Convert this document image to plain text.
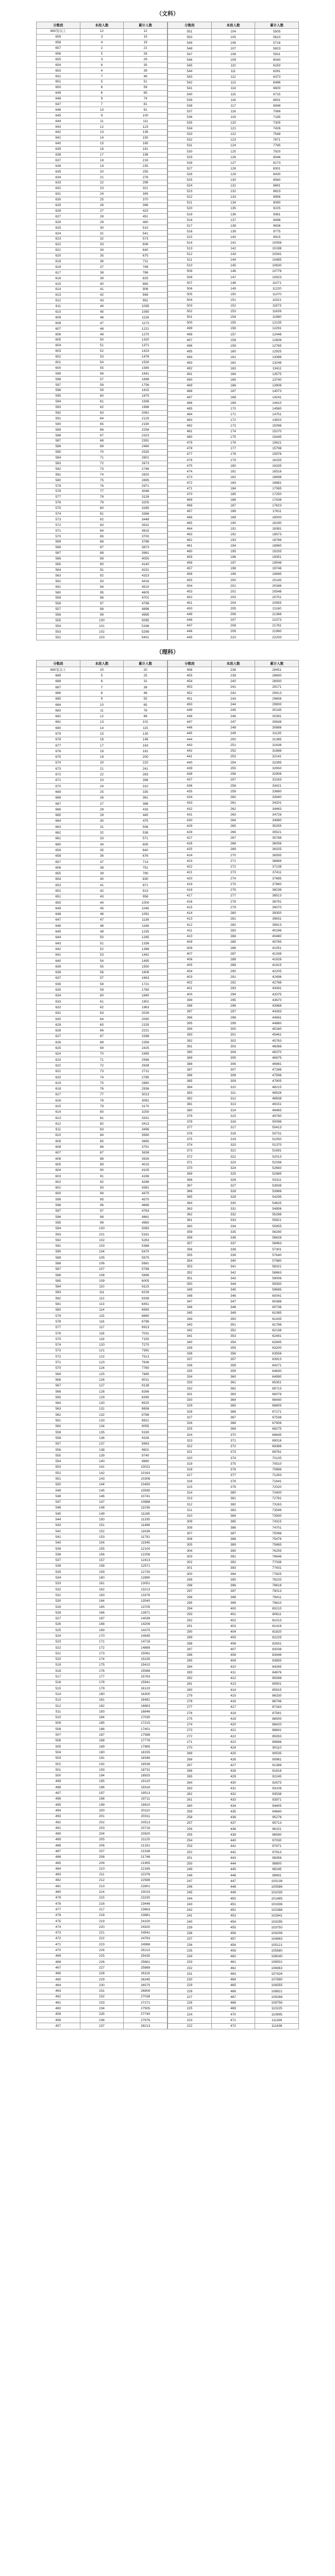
（文科）
分数段	本段人数	累计人数
660及以上	12	12
659	3	15
658	4	19
657	2	21
656	5	26
655	3	29
654	6	35
653	4	39
652	7	46
651	5	51
650	8	59
649	6	65
648	9	74
647	7	81
646	10	91
645	9	100
644	11	111
643	12	123
642	13	136
641	14	150
640	15	165
639	16	181
638	17	198
637	18	216
636	19	235
635	20	255
634	21	276
633	22	298
632	23	321
631	24	345
630	25	370
629	26	396
628	27	423
627	28	451
626	29	480
625	30	510
624	31	541
623	32	573
622	33	606
621	34	640
620	35	675
619	36	711
618	37	748
617	38	786
616	39	825
615	40	865
614	41	906
613	42	948
612	43	991
611	44	1035
610	45	1080
609	46	1126
608	47	1173
607	48	1221
606	49	1270
605	50	1320
604	51	1371
603	52	1423
602	53	1476
601	54	1530
600	55	1585
599	56	1641
598	57	1698
597	58	1756
596	59	1815
595	60	1875
594	61	1936
593	62	1998
592	63	2061
591	64	2125
590	65	2190
589	66	2256
588	67	2323
587	68	2391
586	69	2460
585	70	2530
584	71	2601
583	72	2673
582	73	2746
581	74	2820
580	75	2895
579	76	2971
578	77	3048
577	78	3126
576	79	3205
575	80	3285
574	81	3366
573	82	3448
572	83	3531
571	84	3615
570	85	3700
569	86	3786
568	87	3873
567	88	3961
566	89	4050
565	90	4140
564	91	4231
563	92	4323
562	93	4416
561	94	4510
560	95	4605
559	96	4701
558	97	4798
557	98	4896
556	99	4995
555	100	5095
554	101	5196
553	102	5298
552	103	5401
分数段	本段人数	累计人数
551	104	5505
550	105	5610
549	106	5716
548	107	5823
547	108	5931
546	109	6040
545	110	6150
544	111	6261
543	112	6373
542	113	6486
541	114	6600
540	115	6715
539	116	6831
538	117	6948
537	118	7066
536	119	7185
535	120	7305
534	121	7426
533	122	7548
532	123	7671
531	124	7795
530	125	7920
529	126	8046
528	127	8173
527	128	8301
526	129	8430
525	130	8560
524	131	8691
523	132	8823
522	133	8956
521	134	9090
520	135	9225
519	136	9361
518	137	9498
517	138	9636
516	139	9775
515	140	9915
514	141	10056
513	142	10198
512	143	10341
511	144	10485
510	145	10630
509	146	10776
508	147	10923
507	148	11071
506	149	11220
505	150	11370
504	151	11521
503	152	11673
502	153	11826
501	154	11980
500	155	12135
499	156	12291
498	157	12448
497	158	12606
496	159	12765
495	160	12925
494	161	13086
493	162	13248
492	163	13411
491	164	13575
490	165	13740
489	166	13906
488	167	14073
487	168	14241
486	169	14410
485	170	14580
484	171	14751
483	172	14923
482	173	15096
481	174	15270
480	175	15445
479	176	15621
478	177	15798
477	178	15976
476	179	16155
475	180	16335
474	181	16516
473	182	16698
472	183	16881
471	184	17065
470	185	17250
469	186	17436
468	187	17623
467	188	17811
466	189	18000
465	190	18190
464	191	18381
463	192	18573
462	193	18766
461	194	18960
460	195	19155
459	196	19351
458	197	19548
457	198	19746
456	199	19945
455	200	20145
454	201	20346
453	202	20548
452	203	20751
451	204	20955
450	205	21160
449	206	21366
448	207	21573
447	208	21781
446	209	21990
445	210	22200
（理科）
分数段	本段人数	累计人数
690及以上	20	20
689	5	25
688	6	31
687	7	38
686	8	46
685	9	55
684	10	65
683	11	76
682	12	88
681	13	101
680	14	115
679	15	130
678	16	146
677	17	163
676	18	181
675	19	200
674	20	220
673	21	241
672	22	263
671	23	286
670	24	310
669	25	335
668	26	361
667	27	388
666	28	416
665	29	445
664	30	475
663	31	506
662	32	538
661	33	571
660	34	605
659	35	640
658	36	676
657	37	713
656	38	751
655	39	790
654	40	830
653	41	871
652	42	913
651	43	956
650	44	1000
649	45	1045
648	46	1091
647	47	1138
646	48	1186
645	49	1235
644	50	1285
643	51	1336
642	52	1388
641	53	1441
640	54	1495
639	55	1550
638	56	1606
637	57	1663
636	58	1721
635	59	1780
634	60	1840
633	61	1901
632	62	1963
631	63	2026
630	64	2090
629	65	2155
628	66	2221
627	67	2288
626	68	2356
625	69	2425
624	70	2495
623	71	2566
622	72	2638
621	73	2711
620	74	2785
619	75	2860
618	76	2936
617	77	3013
616	78	3091
615	79	3170
614	80	3250
613	81	3331
612	82	3413
611	83	3496
610	84	3580
609	85	3665
608	86	3751
607	87	3838
606	88	3926
605	89	4015
604	90	4105
603	91	4196
602	92	4288
601	93	4381
600	94	4475
599	95	4570
598	96	4666
597	97	4763
596	98	4861
595	99	4960
594	100	5060
593	101	5161
592	102	5263
591	103	5366
590	104	5470
589	105	5575
588	106	5681
587	107	5788
586	108	5896
585	109	6005
584	110	6115
583	111	6226
582	112	6338
581	113	6451
580	114	6565
579	115	6680
578	116	6796
577	117	6913
576	118	7031
575	119	7150
574	120	7270
573	121	7391
572	122	7513
571	123	7636
570	124	7760
569	125	7885
568	126	8011
567	127	8138
566	128	8266
565	129	8395
564	130	8525
563	131	8656
562	132	8788
561	133	8921
560	134	9055
559	135	9190
558	136	9326
557	137	9463
556	138	9601
555	139	9740
554	140	9880
553	141	10021
552	142	10163
551	143	10306
550	144	10450
549	145	10595
548	146	10741
547	147	10888
546	148	11036
545	149	11185
544	150	11335
543	151	11486
542	152	11638
541	153	11791
540	154	11945
539	155	12100
538	156	12256
537	157	12413
536	158	12571
535	159	12730
534	160	12890
533	161	13051
532	162	13213
531	163	13376
530	164	13540
529	165	13705
528	166	13871
527	167	14038
526	168	14206
525	169	14375
524	170	14545
523	171	14716
522	172	14888
521	173	15061
520	174	15235
519	175	15410
518	176	15586
517	177	15763
516	178	15941
515	179	16120
514	180	16300
513	181	16481
512	182	16663
511	183	16846
510	184	17030
509	185	17215
508	186	17401
507	187	17588
506	188	17776
505	189	17965
504	190	18155
503	191	18346
502	192	18538
501	193	18731
500	194	18925
499	195	19120
498	196	19316
497	197	19513
496	198	19711
495	199	19910
494	200	20110
493	201	20311
492	202	20513
491	203	20716
490	204	20920
489	205	21125
488	206	21331
487	207	21538
486	208	21746
485	209	21955
484	210	22165
483	211	22376
482	212	22588
481	213	22801
480	214	23015
479	215	23230
478	216	23446
477	217	23663
476	218	23881
475	219	24100
474	220	24320
473	221	24541
472	222	24763
471	223	24986
470	224	25210
469	225	25435
468	226	25661
467	227	25888
466	228	26116
465	229	26345
464	230	26575
463	231	26806
462	232	27038
461	233	27271
460	234	27505
459	235	27740
458	236	27976
457	237	28213
分数段	本段人数	累计人数
456	238	28451
455	239	28690
454	240	28930
453	241	29171
452	242	29413
451	243	29656
450	244	29900
449	245	30145
448	246	30391
447	247	30638
446	248	30886
445	249	31135
444	250	31385
443	251	31636
442	252	31888
441	253	32141
440	254	32395
439	255	32650
438	256	32906
437	257	33163
436	258	33421
435	259	33680
434	260	33940
433	261	34201
432	262	34463
431	263	34726
430	264	34990
429	265	35255
428	266	35521
427	267	35788
426	268	36056
425	269	36325
424	270	36595
423	271	36866
422	272	37138
421	273	37411
420	274	37685
419	275	37960
418	276	38236
417	277	38513
416	278	38791
415	279	39070
414	280	39350
413	281	39631
412	282	39913
411	283	40196
410	284	40480
409	285	40765
408	286	41051
407	287	41338
406	288	41626
405	289	41915
404	290	42205
403	291	42496
402	292	42788
401	293	43081
400	294	43375
399	295	43670
398	296	43966
397	297	44263
396	298	44561
395	299	44860
394	300	45160
393	301	45461
392	302	45763
391	303	46066
390	304	46370
389	305	46675
388	306	46981
387	307	47288
386	308	47596
385	309	47905
384	310	48215
383	311	48526
382	312	48838
381	313	49151
380	314	49465
379	315	49780
378	316	50096
377	317	50413
376	318	50731
375	319	51050
374	320	51370
373	321	51691
372	322	52013
371	323	52336
370	324	52660
369	325	52985
368	326	53311
367	327	53638
366	328	53966
365	329	54295
364	330	54625
363	331	54956
362	332	55288
361	333	55621
360	334	55955
359	335	56290
358	336	56626
357	337	56963
356	338	57301
355	339	57640
354	340	57980
353	341	58321
352	342	58663
351	343	59006
350	344	59350
349	345	59695
348	346	60041
347	347	60388
346	348	60736
345	349	61085
344	350	61435
343	351	61786
342	352	62138
341	353	62491
340	354	62845
339	355	63200
338	356	63556
337	357	63913
336	358	64271
335	359	64630
334	360	64990
333	361	65351
332	362	65713
331	363	66076
330	364	66440
329	365	66805
328	366	67171
327	367	67538
326	368	67906
325	369	68275
324	370	68645
323	371	69016
322	372	69388
321	373	69761
320	374	70135
319	375	70510
318	376	70886
317	377	71263
316	378	71641
315	379	72020
314	380	72400
313	381	72781
312	382	73163
311	383	73546
310	384	73930
309	385	74315
308	386	74701
307	387	75088
306	388	75476
305	389	75865
304	390	76255
303	391	76646
302	392	77038
301	393	77431
300	394	77825
299	395	78220
298	396	78616
297	397	79013
296	398	79411
295	399	79810
294	400	80210
293	401	80611
292	402	81013
291	403	81416
290	404	81820
289	405	82225
288	406	82631
287	407	83038
286	408	83446
285	409	83855
284	410	84265
283	411	84676
282	412	85088
281	413	85501
280	414	85915
279	415	86330
278	416	86746
277	417	87163
276	418	87581
275	419	88000
274	420	88420
273	421	88841
272	422	89263
271	423	89686
270	424	90110
269	425	90535
268	426	90961
267	427	91388
266	428	91816
265	429	92245
264	430	92675
263	431	93106
262	432	93538
261	433	93971
260	434	94405
259	435	94840
258	436	95276
257	437	95713
256	438	96151
255	439	96590
254	440	97030
253	441	97471
252	442	97913
251	443	98356
250	444	98800
249	445	99245
248	446	99691
247	447	100138
246	448	100586
245	449	101035
244	450	101485
243	451	101936
242	452	102388
241	453	102841
240	454	103295
239	455	103750
238	456	104206
237	457	104663
236	458	105121
235	459	105580
234	460	106040
233	461	106501
232	462	106963
231	463	107426
230	464	107890
229	465	108355
228	466	108821
227	467	109288
226	468	109756
225	469	110225
224	470	110695
223	471	111166
222	472	111638
